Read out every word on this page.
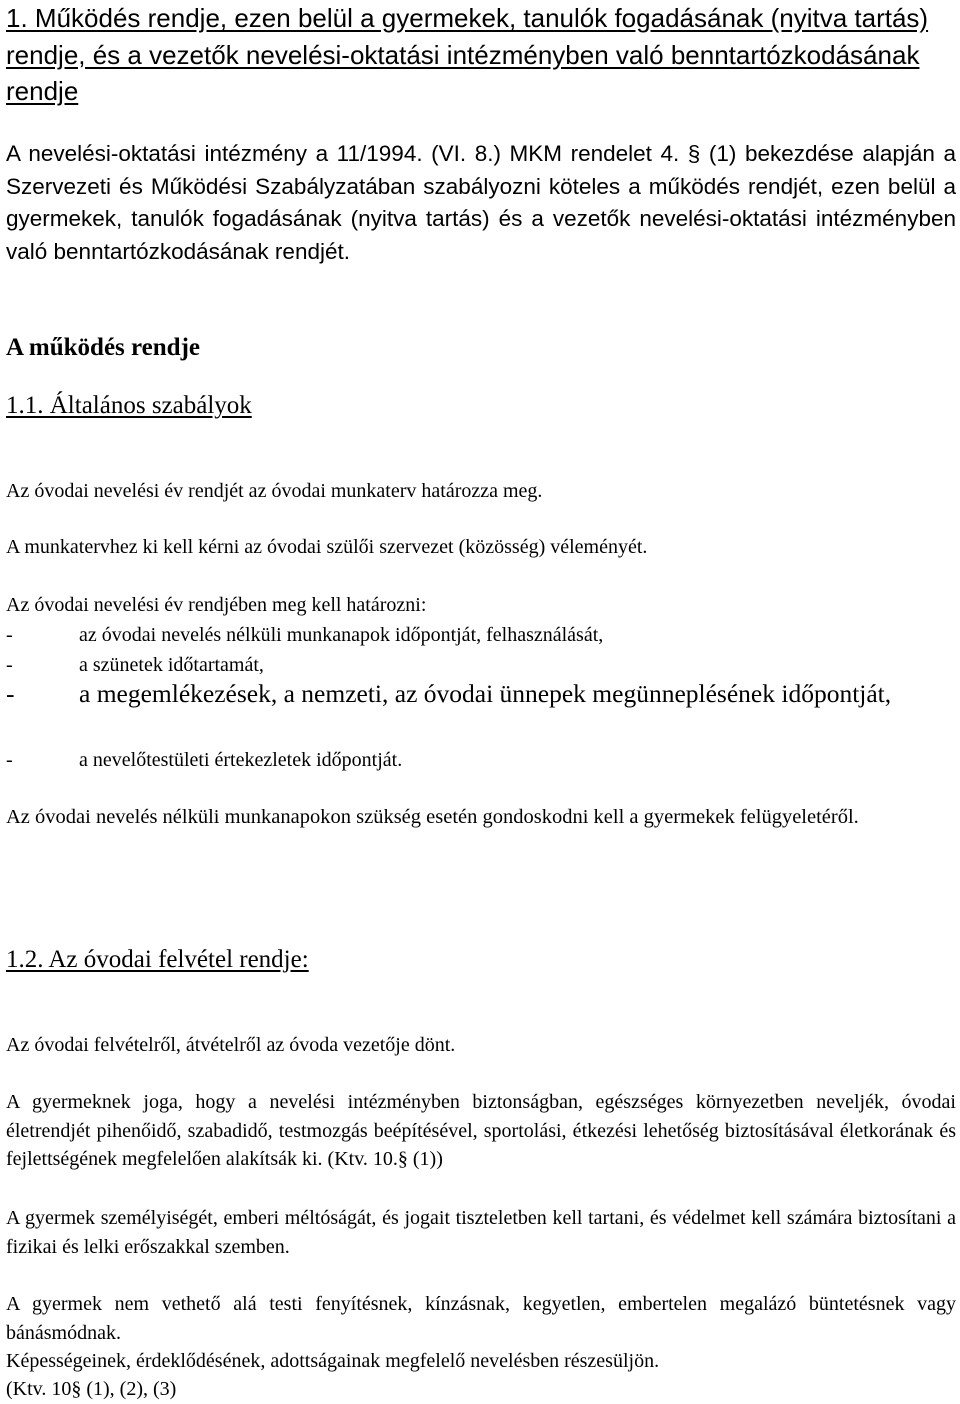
1. Működés rendje, ezen belül a gyermekek, tanulók fogadásának (nyitva tartás) rendje, és a vezetők nevelési-oktatási intézményben való benntartózkodásának rendje

A nevelési-oktatási intézmény a 11/1994. (VI. 8.) MKM rendelet 4. § (1) bekezdése alapján a Szervezeti és Működési Szabályzatában szabályozni köteles a működés rendjét, ezen belül a gyermekek, tanulók fogadásának (nyitva tartás) és a vezetők nevelési-oktatási intézményben való benntartózkodásának rendjét.

A működés rendje
1.1. Általános szabályok

Az óvodai nevelési év rendjét az óvodai munkaterv határozza meg.

A munkatervhez ki kell kérni az óvodai szülői szervezet (közösség) véleményét.

Az óvodai nevelési év rendjében meg kell határozni:

-	az óvodai nevelés nélküli munkanapok időpontját, felhasználását,
-	a szünetek időtartamát,
-	a megemlékezések, a nemzeti, az óvodai ünnepek megünneplésének időpontját,
-	a nevelőtestületi értekezletek időpontját.

Az óvodai nevelés nélküli munkanapokon szükség esetén gondoskodni kell a gyermekek felügyeletéről.

1.2. Az óvodai felvétel rendje:

Az óvodai felvételről, átvételről az óvoda vezetője dönt.

A gyermeknek joga, hogy a nevelési intézményben biztonságban, egészséges környezetben neveljék, óvodai életrendjét pihenőidő, szabadidő, testmozgás beépítésével, sportolási, étkezési lehetőség biztosításával életkorának és fejlettségének megfelelően alakítsák ki. (Ktv. 10.§ (1))

A gyermek személyiségét, emberi méltóságát, és jogait tiszteletben kell tartani, és védelmet kell számára biztosítani a fizikai és lelki erőszakkal szemben.

A gyermek nem vethető alá testi fenyítésnek, kínzásnak, kegyetlen, embertelen megalázó büntetésnek vagy bánásmódnak.

Képességeinek, érdeklődésének, adottságainak megfelelő nevelésben részesüljön.

(Ktv. 10§ (1), (2), (3)
